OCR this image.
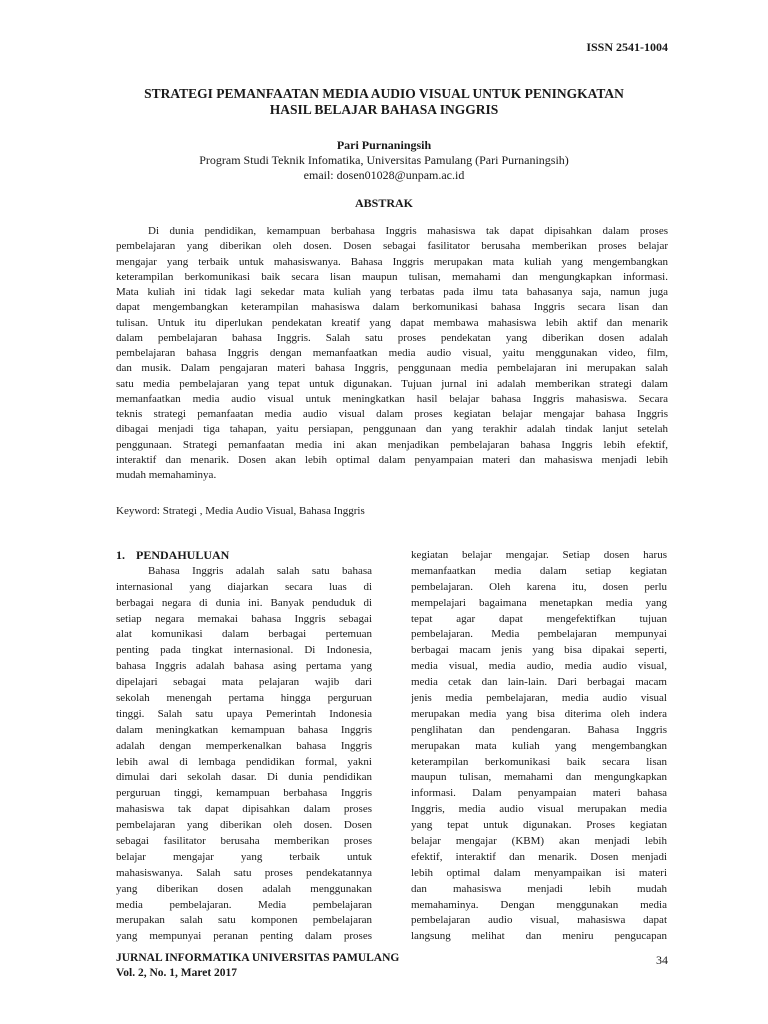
ISSN 2541-1004
STRATEGI PEMANFAATAN MEDIA AUDIO VISUAL UNTUK PENINGKATAN
HASIL BELAJAR BAHASA INGGRIS
Pari Purnaningsih
Program Studi Teknik Infomatika, Universitas Pamulang (Pari Purnaningsih)
email: dosen01028@unpam.ac.id
ABSTRAK
Di dunia pendidikan, kemampuan berbahasa Inggris mahasiswa tak dapat dipisahkan dalam proses
pembelajaran yang diberikan oleh dosen. Dosen sebagai fasilitator berusaha memberikan proses belajar
mengajar yang terbaik untuk mahasiswanya. Bahasa Inggris merupakan mata kuliah yang mengembangkan
keterampilan berkomunikasi baik secara lisan maupun tulisan, memahami dan mengungkapkan informasi.
Mata kuliah ini tidak lagi sekedar mata kuliah yang terbatas pada ilmu tata bahasanya saja, namun juga
dapat mengembangkan keterampilan mahasiswa dalam berkomunikasi bahasa Inggris secara lisan dan
tulisan. Untuk itu diperlukan pendekatan kreatif yang dapat membawa mahasiswa lebih aktif dan menarik
dalam pembelajaran bahasa Inggris. Salah satu proses pendekatan yang diberikan dosen adalah
pembelajaran bahasa Inggris dengan memanfaatkan media audio visual, yaitu menggunakan video, film,
dan musik. Dalam pengajaran materi bahasa Inggris, penggunaan media pembelajaran ini merupakan salah
satu media pembelajaran yang tepat untuk digunakan. Tujuan jurnal ini adalah memberikan strategi dalam
memanfaatkan media audio visual untuk meningkatkan hasil belajar bahasa Inggris mahasiswa. Secara
teknis strategi pemanfaatan media audio visual dalam proses kegiatan belajar mengajar bahasa Inggris
dibagai menjadi tiga tahapan, yaitu persiapan, penggunaan dan yang terakhir adalah tindak lanjut setelah
penggunaan. Strategi pemanfaatan media ini akan menjadikan pembelajaran bahasa Inggris lebih efektif,
interaktif dan menarik. Dosen akan lebih optimal dalam penyampaian materi dan mahasiswa menjadi lebih
mudah memahaminya.
Keyword: Strategi , Media Audio Visual, Bahasa Inggris
1. PENDAHULUAN
Bahasa Inggris adalah salah satu bahasa
internasional yang diajarkan secara luas di
berbagai negara di dunia ini. Banyak penduduk di
setiap negara memakai bahasa Inggris sebagai
alat komunikasi dalam berbagai pertemuan
penting pada tingkat internasional. Di Indonesia,
bahasa Inggris adalah bahasa asing pertama yang
dipelajari sebagai mata pelajaran wajib dari
sekolah menengah pertama hingga perguruan
tinggi. Salah satu upaya Pemerintah Indonesia
dalam meningkatkan kemampuan bahasa Inggris
adalah dengan memperkenalkan bahasa Inggris
lebih awal di lembaga pendidikan formal, yakni
dimulai dari sekolah dasar. Di dunia pendidikan
perguruan tinggi, kemampuan berbahasa Inggris
mahasiswa tak dapat dipisahkan dalam proses
pembelajaran yang diberikan oleh dosen. Dosen
sebagai fasilitator berusaha memberikan proses
belajar mengajar yang terbaik untuk
mahasiswanya. Salah satu proses pendekatannya
yang diberikan dosen adalah menggunakan
media pembelajaran. Media pembelajaran
merupakan salah satu komponen pembelajaran
yang mempunyai peranan penting dalam proses
kegiatan belajar mengajar. Setiap dosen harus
memanfaatkan media dalam setiap kegiatan
pembelajaran. Oleh karena itu, dosen perlu
mempelajari bagaimana menetapkan media yang
tepat agar dapat mengefektifkan tujuan
pembelajaran. Media pembelajaran mempunyai
berbagai macam jenis yang bisa dipakai seperti,
media visual, media audio, media audio visual,
media cetak dan lain-lain. Dari berbagai macam
jenis media pembelajaran, media audio visual
merupakan media yang bisa diterima oleh indera
penglihatan dan pendengaran. Bahasa Inggris
merupakan mata kuliah yang mengembangkan
keterampilan berkomunikasi baik secara lisan
maupun tulisan, memahami dan mengungkapkan
informasi. Dalam penyampaian materi bahasa
Inggris, media audio visual merupakan media
yang tepat untuk digunakan. Proses kegiatan
belajar mengajar (KBM) akan menjadi lebih
efektif, interaktif dan menarik. Dosen menjadi
lebih optimal dalam menyampaikan isi materi
dan mahasiswa menjadi lebih mudah
memahaminya. Dengan menggunakan media
pembelajaran audio visual, mahasiswa dapat
langsung melihat dan meniru pengucapan
JURNAL INFORMATIKA UNIVERSITAS PAMULANG
Vol. 2, No. 1, Maret 2017
34
